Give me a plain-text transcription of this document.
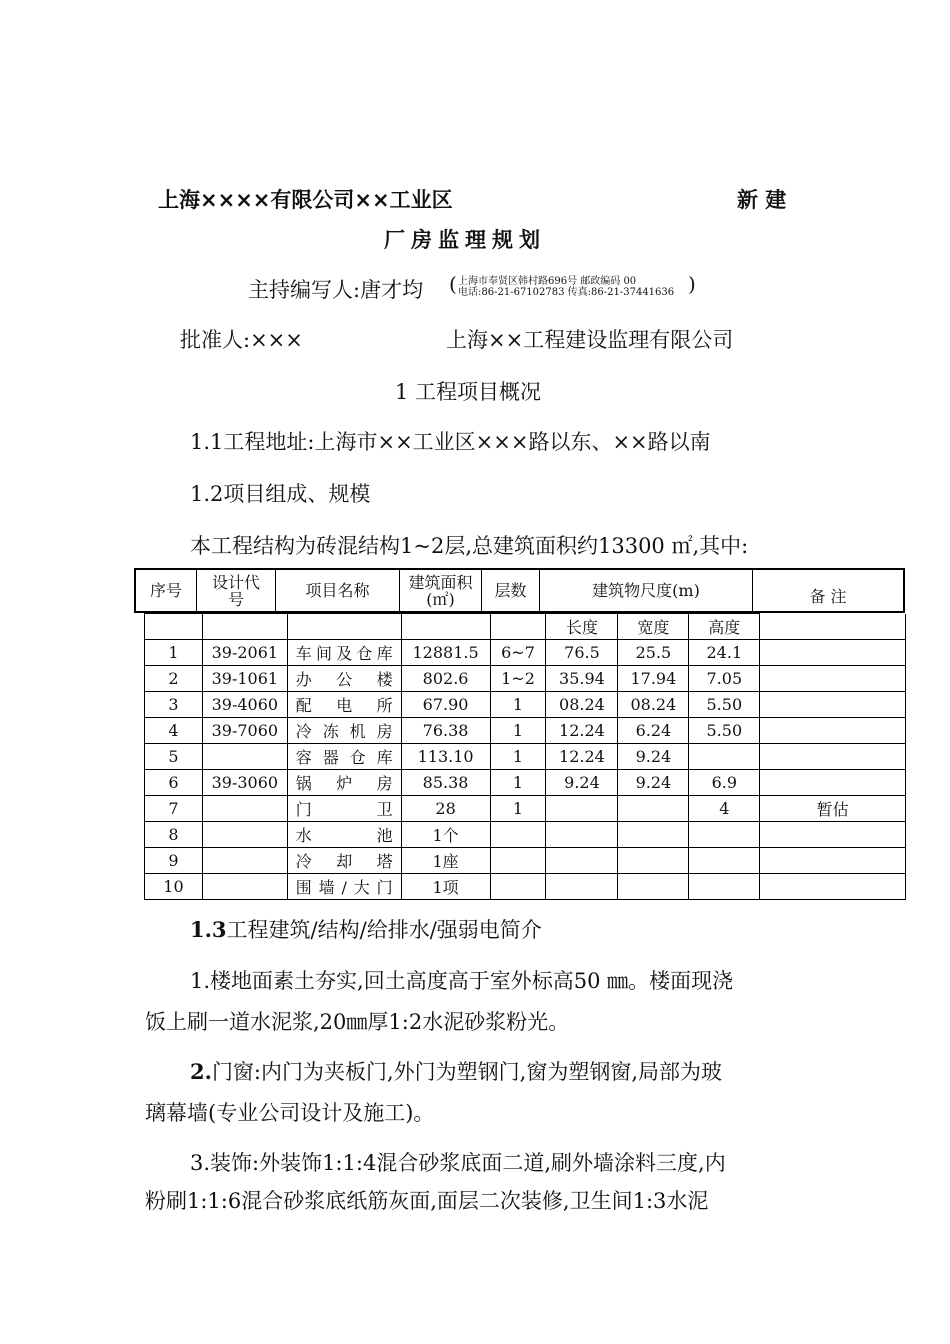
上海××××有限公司××工业区	新 建
厂房监理规划
主持编写人:唐才均 ( 上海市奉贤区韩村路696号 邮政编码 00
电话:86-21-67102783 传真:86-21-37441636 )
批准人:×××	上海××工程建设监理有限公司
1 工程项目概况
1.1工程地址:上海市××工业区×××路以东、××路以南
1.2项目组成、规模
本工程结构为砖混结构1~2层,总建筑面积约13300 ㎡,其中:
序号	设计代号	项目名称	建筑面积(㎡)	层数	建筑物尺度(m)	备 注
					长度	宽度	高度	
1	39-2061	车间及仓库	12881.5	6~7	76.5	25.5	24.1	
2	39-1061	办公楼	802.6	1~2	35.94	17.94	7.05	
3	39-4060	配电所	67.90	1	08.24	08.24	5.50	
4	39-7060	冷冻机房	76.38	1	12.24	6.24	5.50	
5		容器仓库	113.10	1	12.24	9.24		
6	39-3060	锅炉房	85.38	1	9.24	9.24	6.9	
7		门卫	28	1			4	暂估
8		水池	1个					
9		冷却塔	1座					
10		围墙/大门	1项					
1.3工程建筑/结构/给排水/强弱电简介
1.楼地面素土夯实,回土高度高于室外标高50 ㎜。楼面现浇
饭上刷一道水泥浆,20㎜厚1:2水泥砂浆粉光。
2.门窗:内门为夹板门,外门为塑钢门,窗为塑钢窗,局部为玻
璃幕墙(专业公司设计及施工)。
3.装饰:外装饰1:1:4混合砂浆底面二道,刷外墙涂料三度,内
粉刷1:1:6混合砂浆底纸筋灰面,面层二次装修,卫生间1:3水泥
